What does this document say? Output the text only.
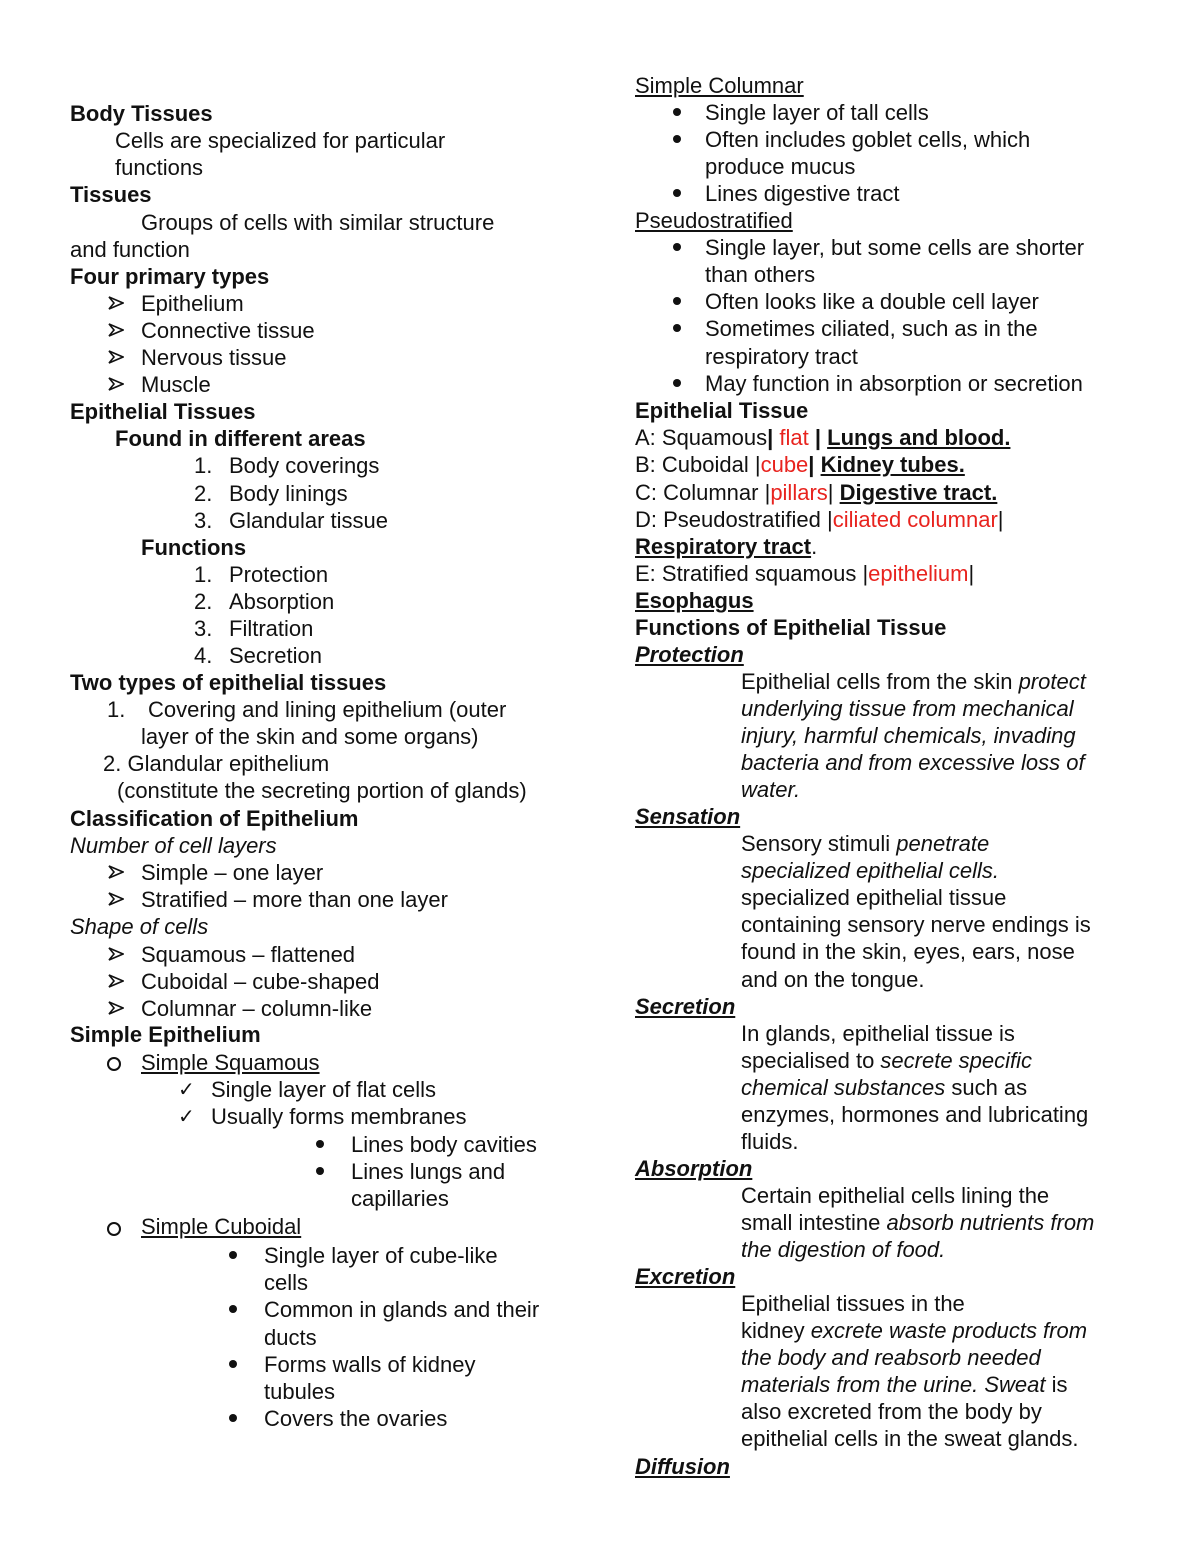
Body Tissues
Cells are specialized for particular
functions
Tissues
Groups of cells with similar structure
and function
Four primary types
Epithelium
Connective tissue
Nervous tissue
Muscle
Epithelial Tissues
Found in different areas
1. Body coverings
2. Body linings
3. Glandular tissue
Functions
1. Protection
2. Absorption
3. Filtration
4. Secretion
Two types of epithelial tissues
1. Covering and lining epithelium (outer
layer of the skin and some organs)
2. Glandular epithelium
(constitute the secreting portion of glands)
Classification of Epithelium
Number of cell layers
Simple – one layer
Stratified – more than one layer
Shape of cells
Squamous – flattened
Cuboidal – cube-shaped
Columnar – column-like
Simple Epithelium
Simple Squamous
✓ Single layer of flat cells
✓ Usually forms membranes
Lines body cavities
Lines lungs and
capillaries
Simple Cuboidal
Single layer of cube-like
cells
Common in glands and their
ducts
Forms walls of kidney
tubules
Covers the ovaries
Simple Columnar
Single layer of tall cells
Often includes goblet cells, which
produce mucus
Lines digestive tract
Pseudostratified
Single layer, but some cells are shorter
than others
Often looks like a double cell layer
Sometimes ciliated, such as in the
respiratory tract
May function in absorption or secretion
Epithelial Tissue
A: Squamous| flat | Lungs and blood.
B: Cuboidal |cube| Kidney tubes.
C: Columnar |pillars| Digestive tract.
D: Pseudostratified |ciliated columnar|
Respiratory tract.
E: Stratified squamous |epithelium|
Esophagus
Functions of Epithelial Tissue
Protection
Epithelial cells from the skin protect
underlying tissue from mechanical
injury, harmful chemicals, invading
bacteria and from excessive loss of
water.
Sensation
Sensory stimuli penetrate
specialized epithelial cells.
specialized epithelial tissue
containing sensory nerve endings is
found in the skin, eyes, ears, nose
and on the tongue.
Secretion
In glands, epithelial tissue is
specialised to secrete specific
chemical substances such as
enzymes, hormones and lubricating
fluids.
Absorption
Certain epithelial cells lining the
small intestine absorb nutrients from
the digestion of food.
Excretion
Epithelial tissues in the
kidney excrete waste products from
the body and reabsorb needed
materials from the urine. Sweat is
also excreted from the body by
epithelial cells in the sweat glands.
Diffusion
